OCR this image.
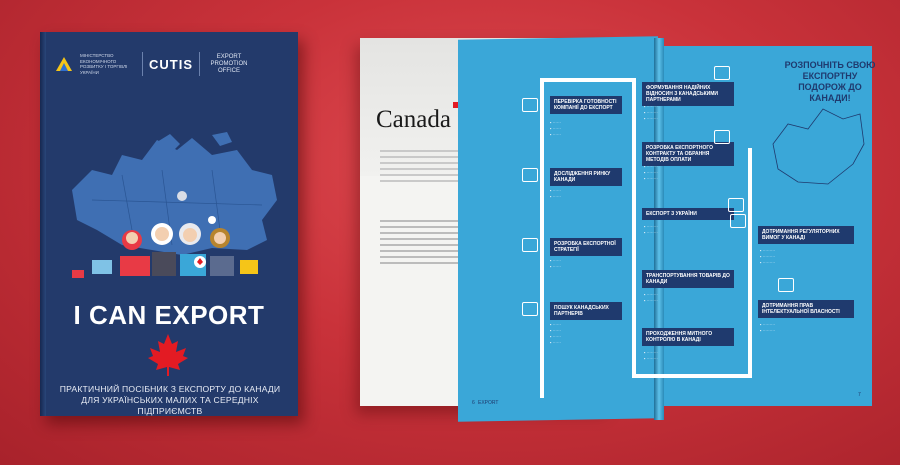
МІНІСТЕРСТВО ЕКОНОМІЧНОГО РОЗВИТКУ І ТОРГІВЛІ УКРАЇНИ
CUTIS	EXPORT PROMOTION OFFICE
I CAN EXPORT
ПРАКТИЧНИЙ ПОСІБНИК З ЕКСПОРТУ ДО КАНАДИ ДЛЯ УКРАЇНСЬКИХ МАЛИХ ТА СЕРЕДНІХ ПІДПРИЄМСТВ
Canada
ПЕРЕВІРКА ГОТОВНОСТІ КОМПАНІЇ ДО ЕКСПОРТ
▪ ······
▪ ······
▪ ······
ДОСЛІДЖЕННЯ РИНКУ КАНАДИ
▪ ······
▪ ······
РОЗРОБКА ЕКСПОРТНОЇ СТРАТЕГІЇ
▪ ······
▪ ······
ПОШУК КАНАДСЬКИХ ПАРТНЕРІВ
▪ ······
▪ ······
▪ ······
▪ ······
ФОРМУВАННЯ НАДІЙНИХ ВІДНОСИН З КАНАДСЬКИМИ ПАРТНЕРАМИ
▪ ········
▪ ········
▪ ········
РОЗРОБКА ЕКСПОРТНОГО КОНТРАКТУ ТА ОБРАННЯ МЕТОДІВ ОПЛАТИ
▪ ········
▪ ········
▪ ········
ЕКСПОРТ З УКРАЇНИ
▪ ········
▪ ········
ТРАНСПОРТУВАННЯ ТОВАРІВ ДО КАНАДИ
▪ ········
▪ ········
ПРОХОДЖЕННЯ МИТНОГО КОНТРОЛЮ В КАНАДІ
▪ ········
▪ ········
РОЗПОЧНІТЬ СВОЮ ЕКСПОРТНУ ПОДОРОЖ ДО КАНАДИ!
ДОТРИМАННЯ РЕГУЛЯТОРНИХ ВИМОГ У КАНАДІ
▪ ·········
▪ ·········
▪ ·········
ДОТРИМАННЯ ПРАВ ІНТЕЛЕКТУАЛЬНОЇ ВЛАСНОСТІ
▪ ·········
▪ ·········
6 EXPORT
7
